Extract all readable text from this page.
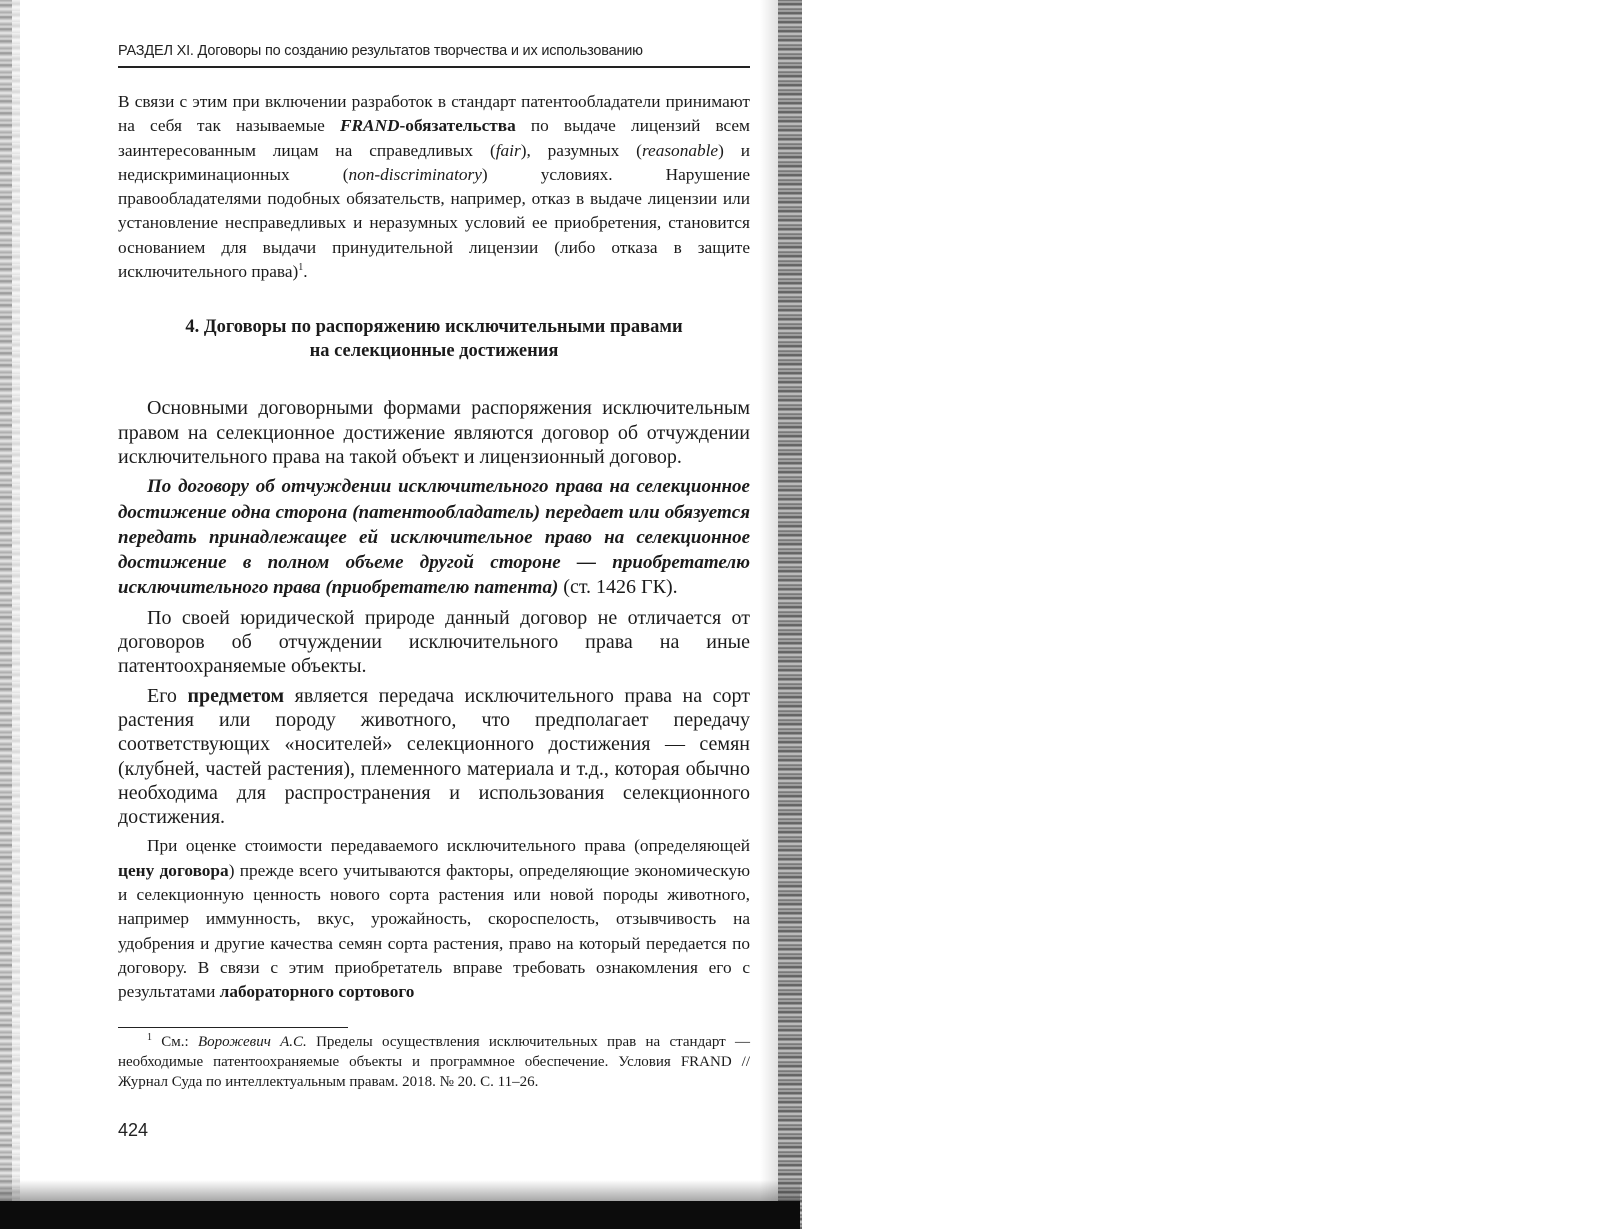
РАЗДЕЛ XI. Договоры по созданию результатов творчества и их использованию

В связи с этим при включении разработок в стандарт патентообладатели принимают на себя так называемые FRAND-обязательства по выдаче лицензий всем заинтересованным лицам на справедливых (fair), разумных (reasonable) и недискриминационных (non-discriminatory) условиях. Нарушение правообладателями подобных обязательств, например, отказ в выдаче лицензии или установление несправедливых и неразумных условий ее приобретения, становится основанием для выдачи принудительной лицензии (либо отказа в защите исключительного права)$^1$.

4. Договоры по распоряжению исключительными правами
на селекционные достижения

Основными договорными формами распоряжения исключительным правом на селекционное достижение являются договор об отчуждении исключительного права на такой объект и лицензионный договор.

По договору об отчуждении исключительного права на селекционное достижение одна сторона (патентообладатель) передает или обязуется передать принадлежащее ей исключительное право на селекционное достижение в полном объеме другой стороне — приобретателю исключительного права (приобретателю патента) (ст. 1426 ГК).

По своей юридической природе данный договор не отличается от договоров об отчуждении исключительного права на иные патентоохраняемые объекты.

Его предметом является передача исключительного права на сорт растения или породу животного, что предполагает передачу соответствующих «носителей» селекционного достижения — семян (клубней, частей растения), племенного материала и т.д., которая обычно необходима для распространения и использования селекционного достижения.

При оценке стоимости передаваемого исключительного права (определяющей цену договора) прежде всего учитываются факторы, определяющие экономическую и селекционную ценность нового сорта растения или новой породы животного, например иммунность, вкус, урожайность, скороспелость, отзывчивость на удобрения и другие качества семян сорта растения, право на который передается по договору. В связи с этим приобретатель вправе требовать ознакомления его с результатами лабораторного сортового

$^1$ См.: Ворожевич А.С. Пределы осуществления исключительных прав на стандарт — необходимые патентоохраняемые объекты и программное обеспечение. Условия FRAND // Журнал Суда по интеллектуальным правам. 2018. № 20. С. 11–26.

424
